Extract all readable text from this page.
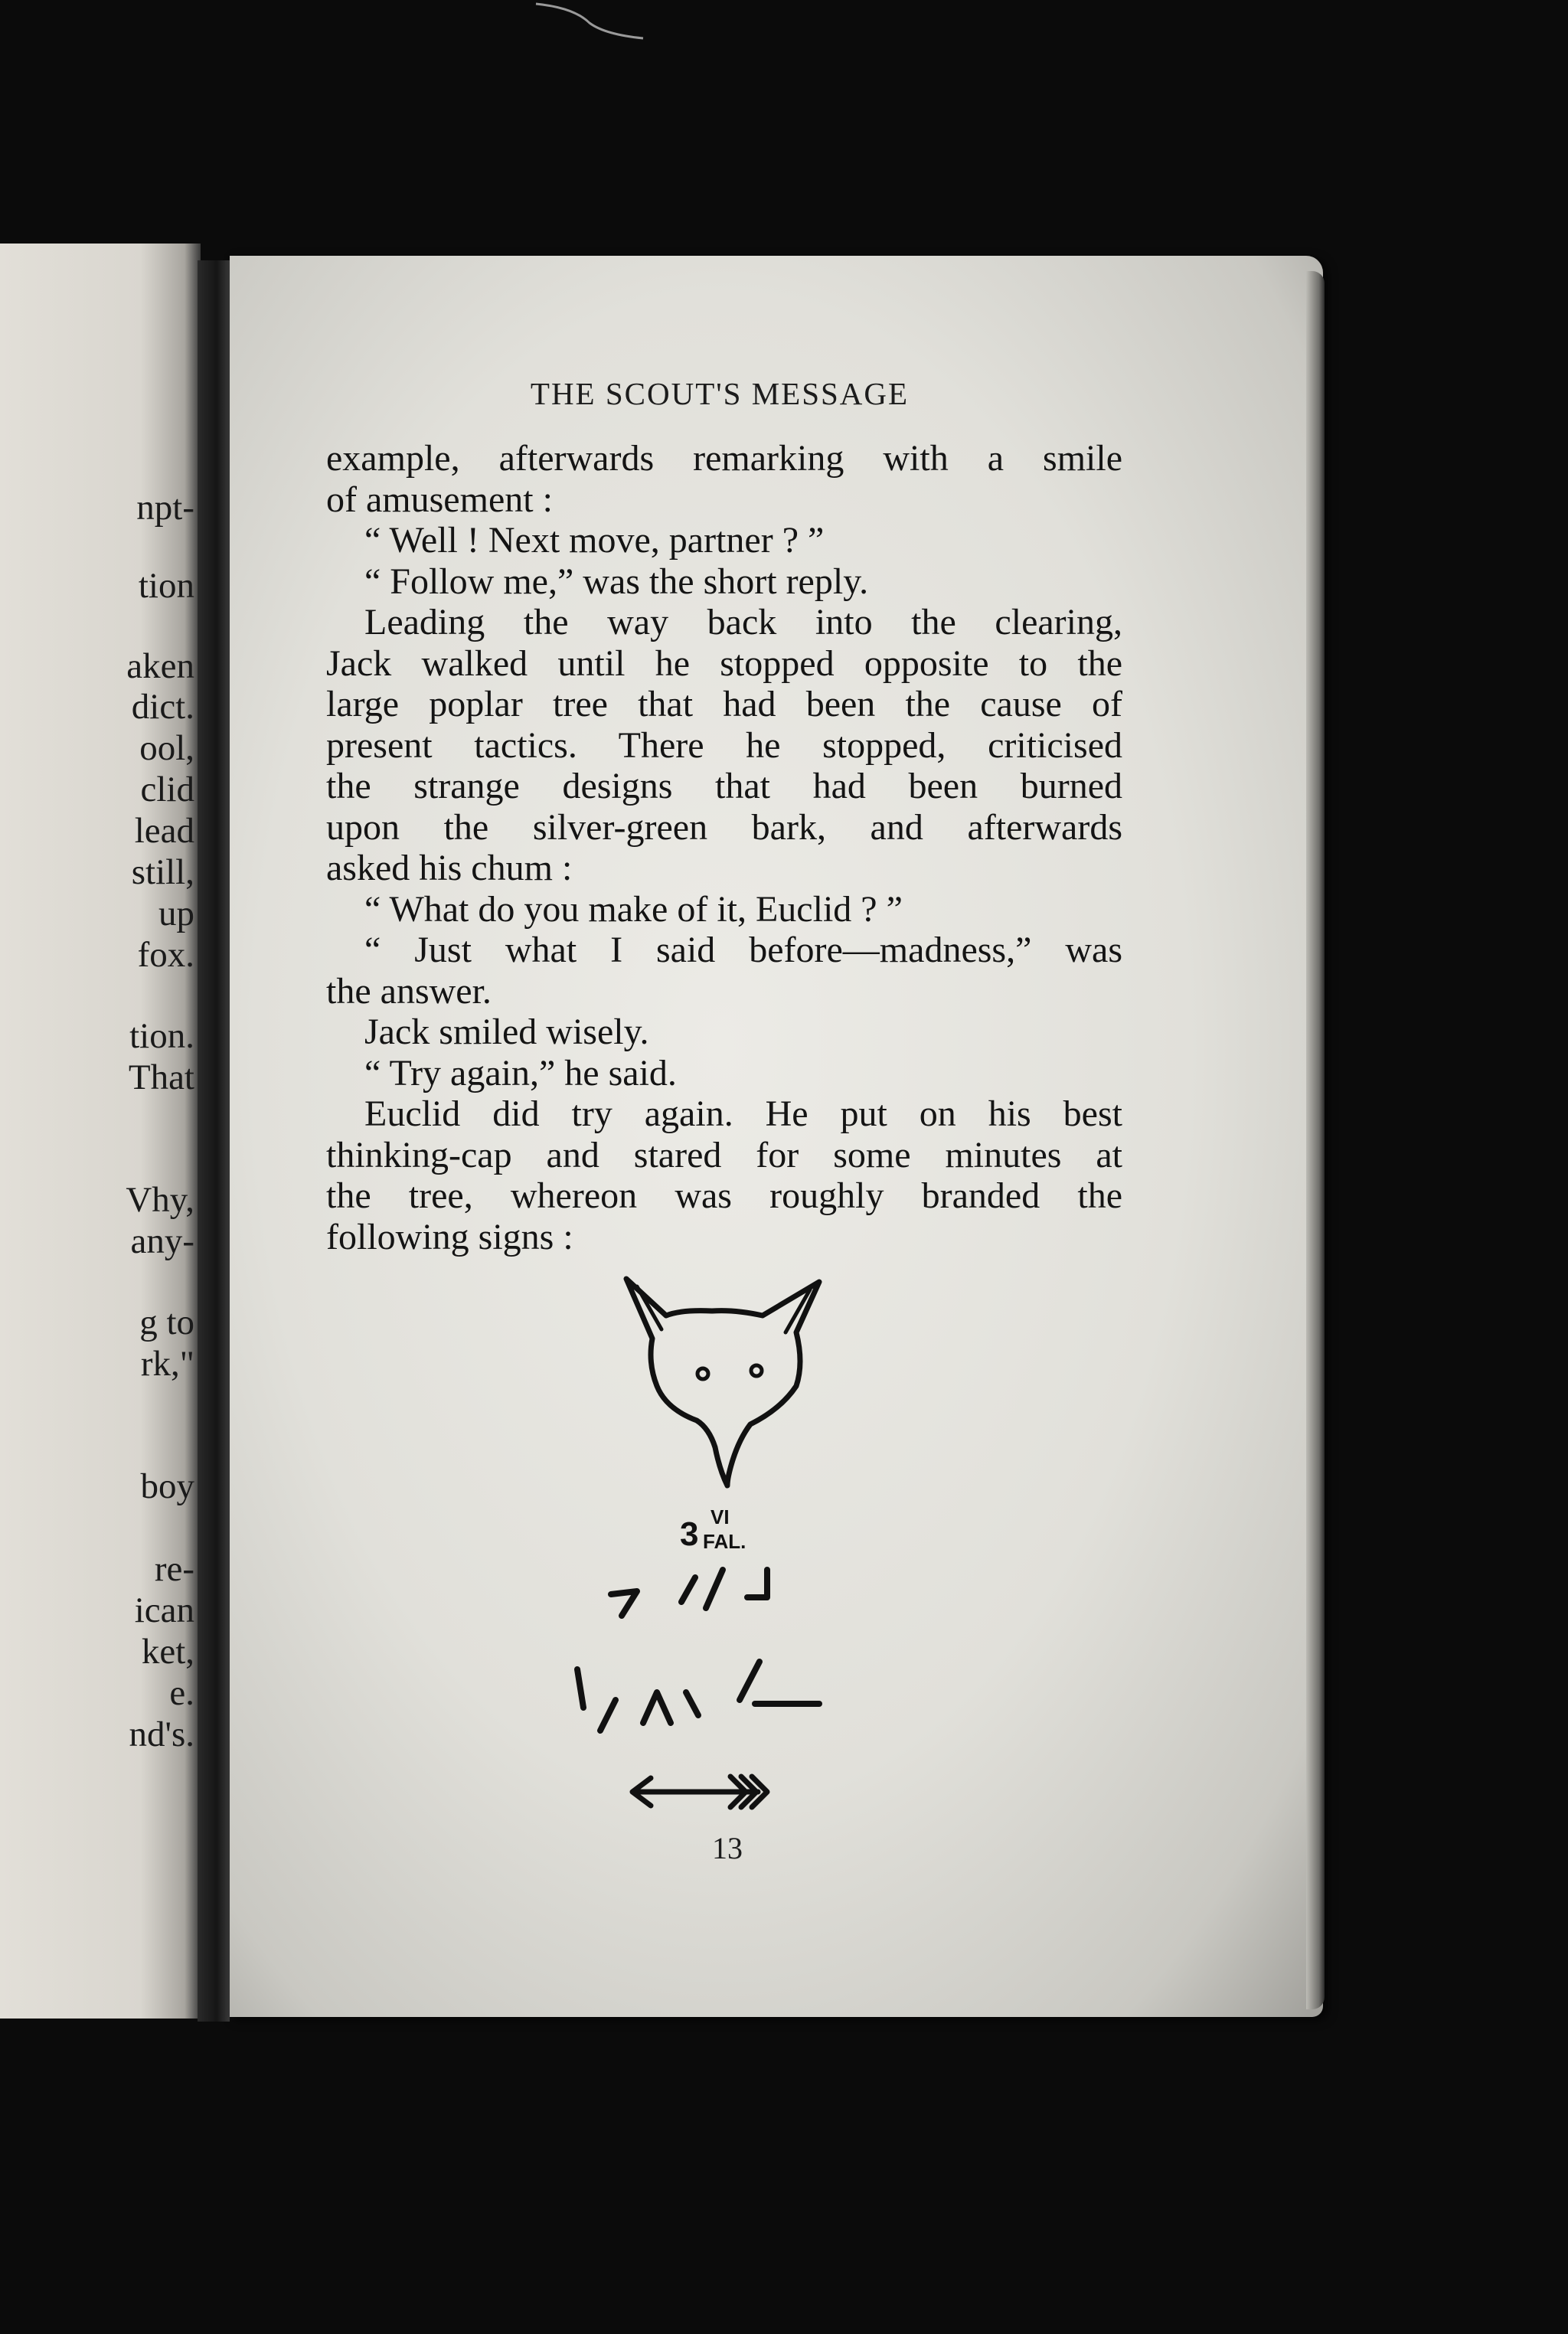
npt-
tion
aken
dict.
ool,
clid
lead
still,
up
fox.
tion.
That
Vhy,
any-
g to
rk,"
boy
re-
ican
ket,
e.
nd's.
THE SCOUT'S MESSAGE
example, afterwards remarking with a smile
of amusement :
“ Well ! Next move, partner ? ”
“ Follow me,” was the short reply.
Leading the way back into the clearing,
Jack walked until he stopped opposite to the
large poplar tree that had been the cause of
present tactics. There he stopped, criticised
the strange designs that had been burned
upon the silver-green bark, and afterwards
asked his chum :
“ What do you make of it, Euclid ? ”
“ Just what I said before—madness,” was
the answer.
Jack smiled wisely.
“ Try again,” he said.
Euclid did try again. He put on his best
thinking-cap and stared for some minutes at
the tree, whereon was roughly branded the
following signs :
3 VI
FAL.
13
